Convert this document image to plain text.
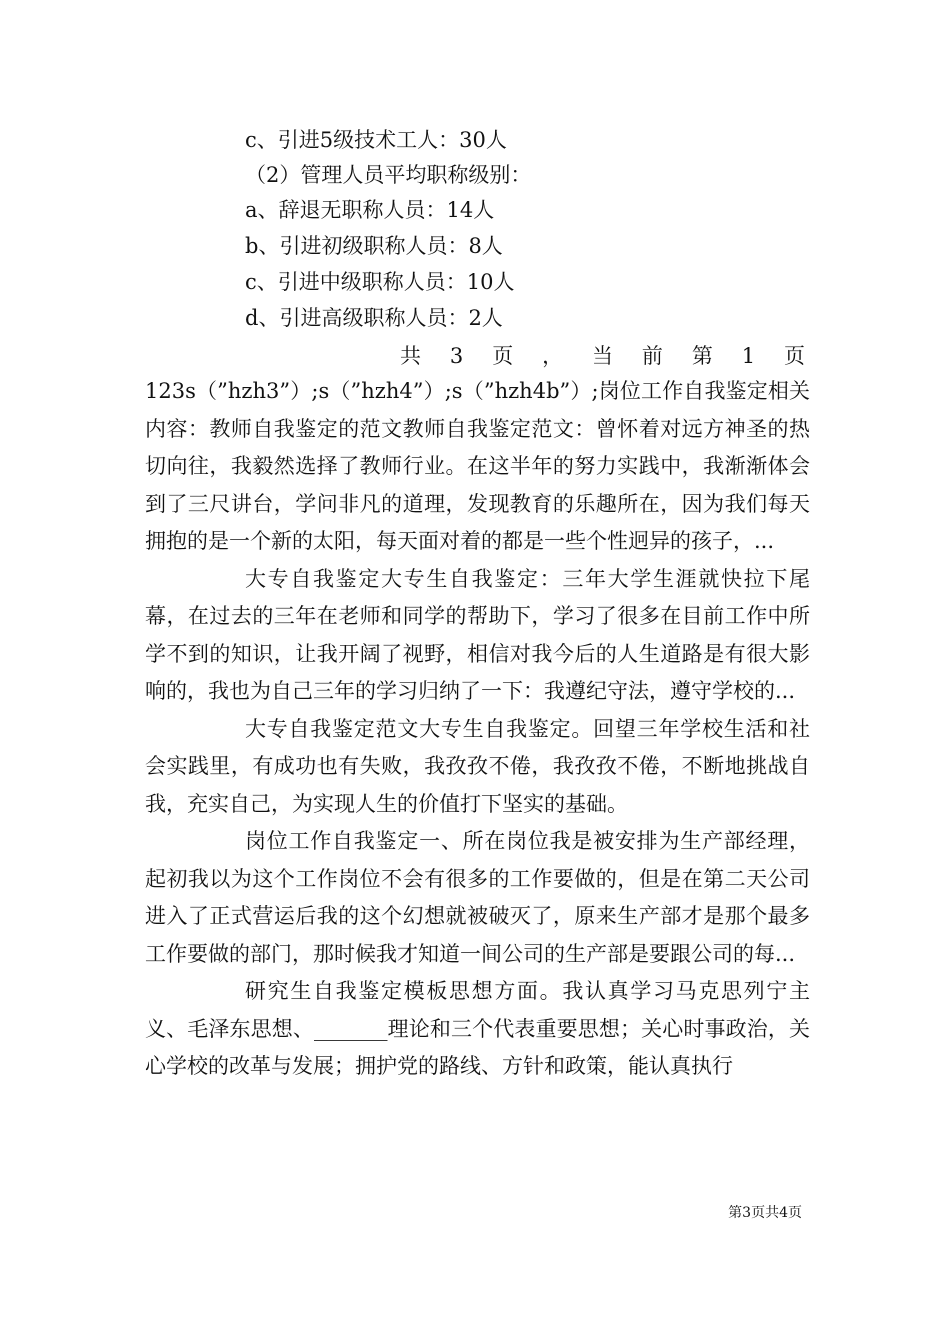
c、引进5级技术工人：30人
（2）管理人员平均职称级别：
a、辞退无职称人员：14人
b、引进初级职称人员：8人
c、引进中级职称人员：10人
d、引进高级职称人员：2人
共 3 页 ， 当 前 第 1 页

123s（”hzh3”）;s（”hzh4”）;s（”hzh4b”）;岗位工作自我鉴定相关内容：教师自我鉴定的范文教师自我鉴定范文：曾怀着对远方神圣的热切向往，我毅然选择了教师行业。在这半年的努力实践中，我渐渐体会到了三尺讲台，学问非凡的道理，发现教育的乐趣所在，因为我们每天拥抱的是一个新的太阳，每天面对着的都是一些个性迥异的孩子，...

大专自我鉴定大专生自我鉴定：三年大学生涯就快拉下尾幕，在过去的三年在老师和同学的帮助下，学习了很多在目前工作中所学不到的知识，让我开阔了视野，相信对我今后的人生道路是有很大影响的，我也为自己三年的学习归纳了一下：我遵纪守法，遵守学校的...

大专自我鉴定范文大专生自我鉴定。回望三年学校生活和社会实践里，有成功也有失败，我孜孜不倦，我孜孜不倦，不断地挑战自我，充实自己，为实现人生的价值打下坚实的基础。

岗位工作自我鉴定一、所在岗位我是被安排为生产部经理，起初我以为这个工作岗位不会有很多的工作要做的，但是在第二天公司进入了正式营运后我的这个幻想就被破灭了，原来生产部才是那个最多工作要做的部门，那时候我才知道一间公司的生产部是要跟公司的每...

研究生自我鉴定模板思想方面。我认真学习马克思列宁主义、毛泽东思想、_______理论和三个代表重要思想；关心时事政治，关心学校的改革与发展；拥护党的路线、方针和政策，能认真执行

第3页共4页
